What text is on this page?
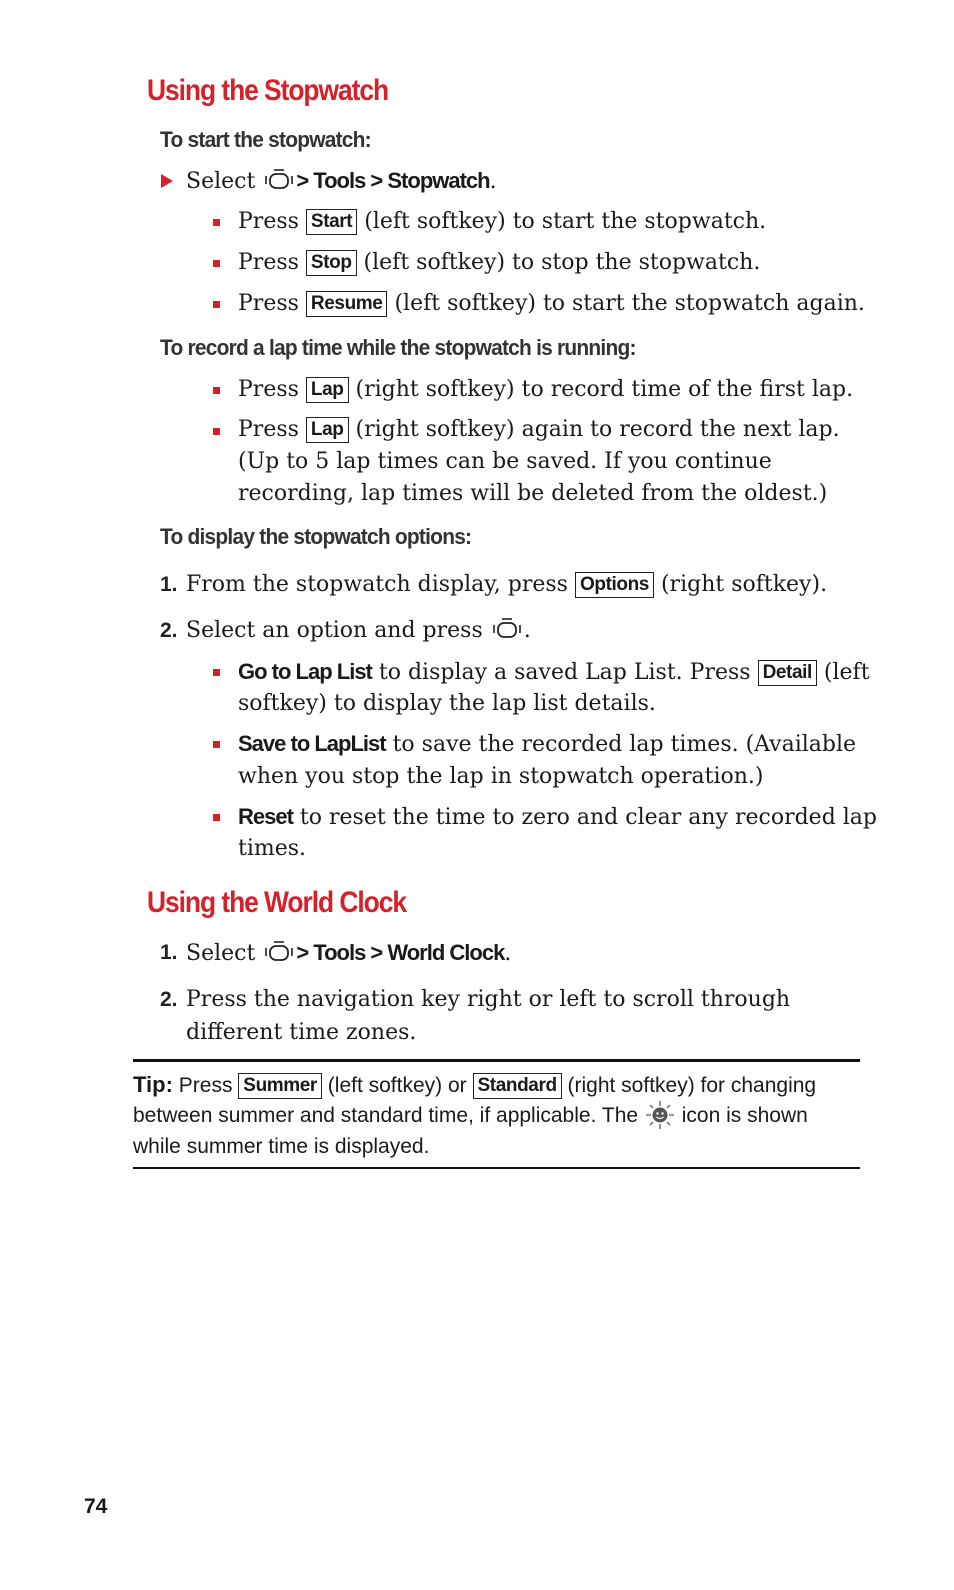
Using the Stopwatch
To start the stopwatch:
Select > Tools > Stopwatch.
Press Start (left softkey) to start the stopwatch.
Press Stop (left softkey) to stop the stopwatch.
Press Resume (left softkey) to start the stopwatch again.
To record a lap time while the stopwatch is running:
Press Lap (right softkey) to record time of the first lap.
Press Lap (right softkey) again to record the next lap.
(Up to 5 lap times can be saved. If you continue
recording, lap times will be deleted from the oldest.)
To display the stopwatch options:
1. From the stopwatch display, press Options (right softkey).
2. Select an option and press .
Go to Lap List to display a saved Lap List. Press Detail (left
softkey) to display the lap list details.
Save to LapList to save the recorded lap times. (Available
when you stop the lap in stopwatch operation.)
Reset to reset the time to zero and clear any recorded lap
times.
Using the World Clock
1. Select > Tools > World Clock.
2. Press the navigation key right or left to scroll through
different time zones.
Tip: Press Summer (left softkey) or Standard (right softkey) for changing
between summer and standard time, if applicable. The icon is shown
while summer time is displayed.
74
